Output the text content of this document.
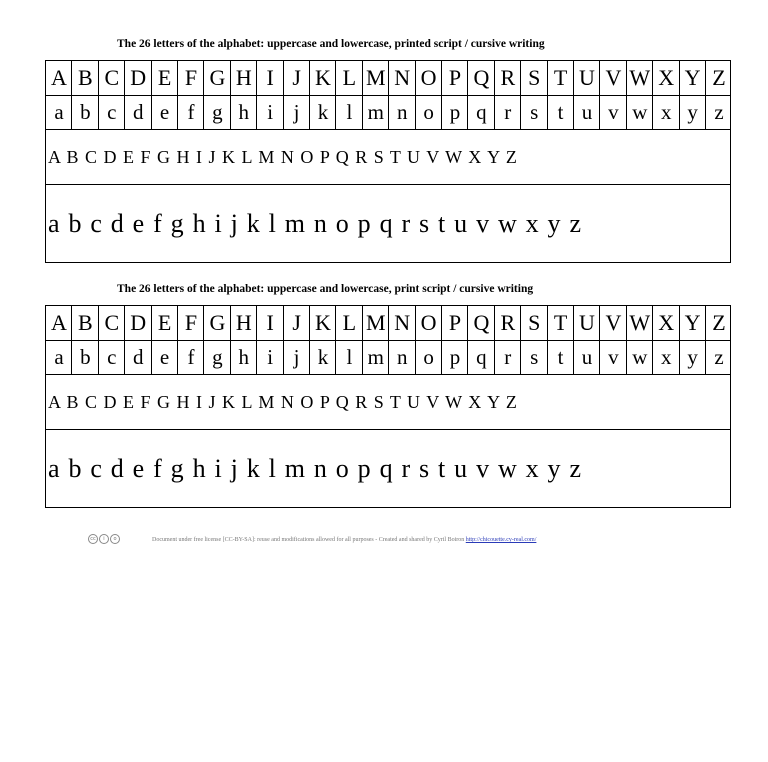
The 26 letters of the alphabet: uppercase and lowercase, printed script / cursive writing
A B C D E F G H I J K L M N O P Q R S T U V W X Y Z
a b c d e f g h i j k l m n o p q r s t u v w x y z
A B C D E F G H I J K L M N O P Q R S T U V W X Y Z
a b c d e f g h i j k l m n o p q r s t u v w x y z
The 26 letters of the alphabet: uppercase and lowercase, print script / cursive writing
A B C D E F G H I J K L M N O P Q R S T U V W X Y Z
a b c d e f g h i j k l m n o p q r s t u v w x y z
A B C D E F G H I J K L M N O P Q R S T U V W X Y Z
a b c d e f g h i j k l m n o p q r s t u v w x y z
cc	i	o	Document under free license [CC-BY-SA]: reuse and modifications allowed for all purposes - Created and shared by Cyril Boiron http://chicouette.cy-real.com/
